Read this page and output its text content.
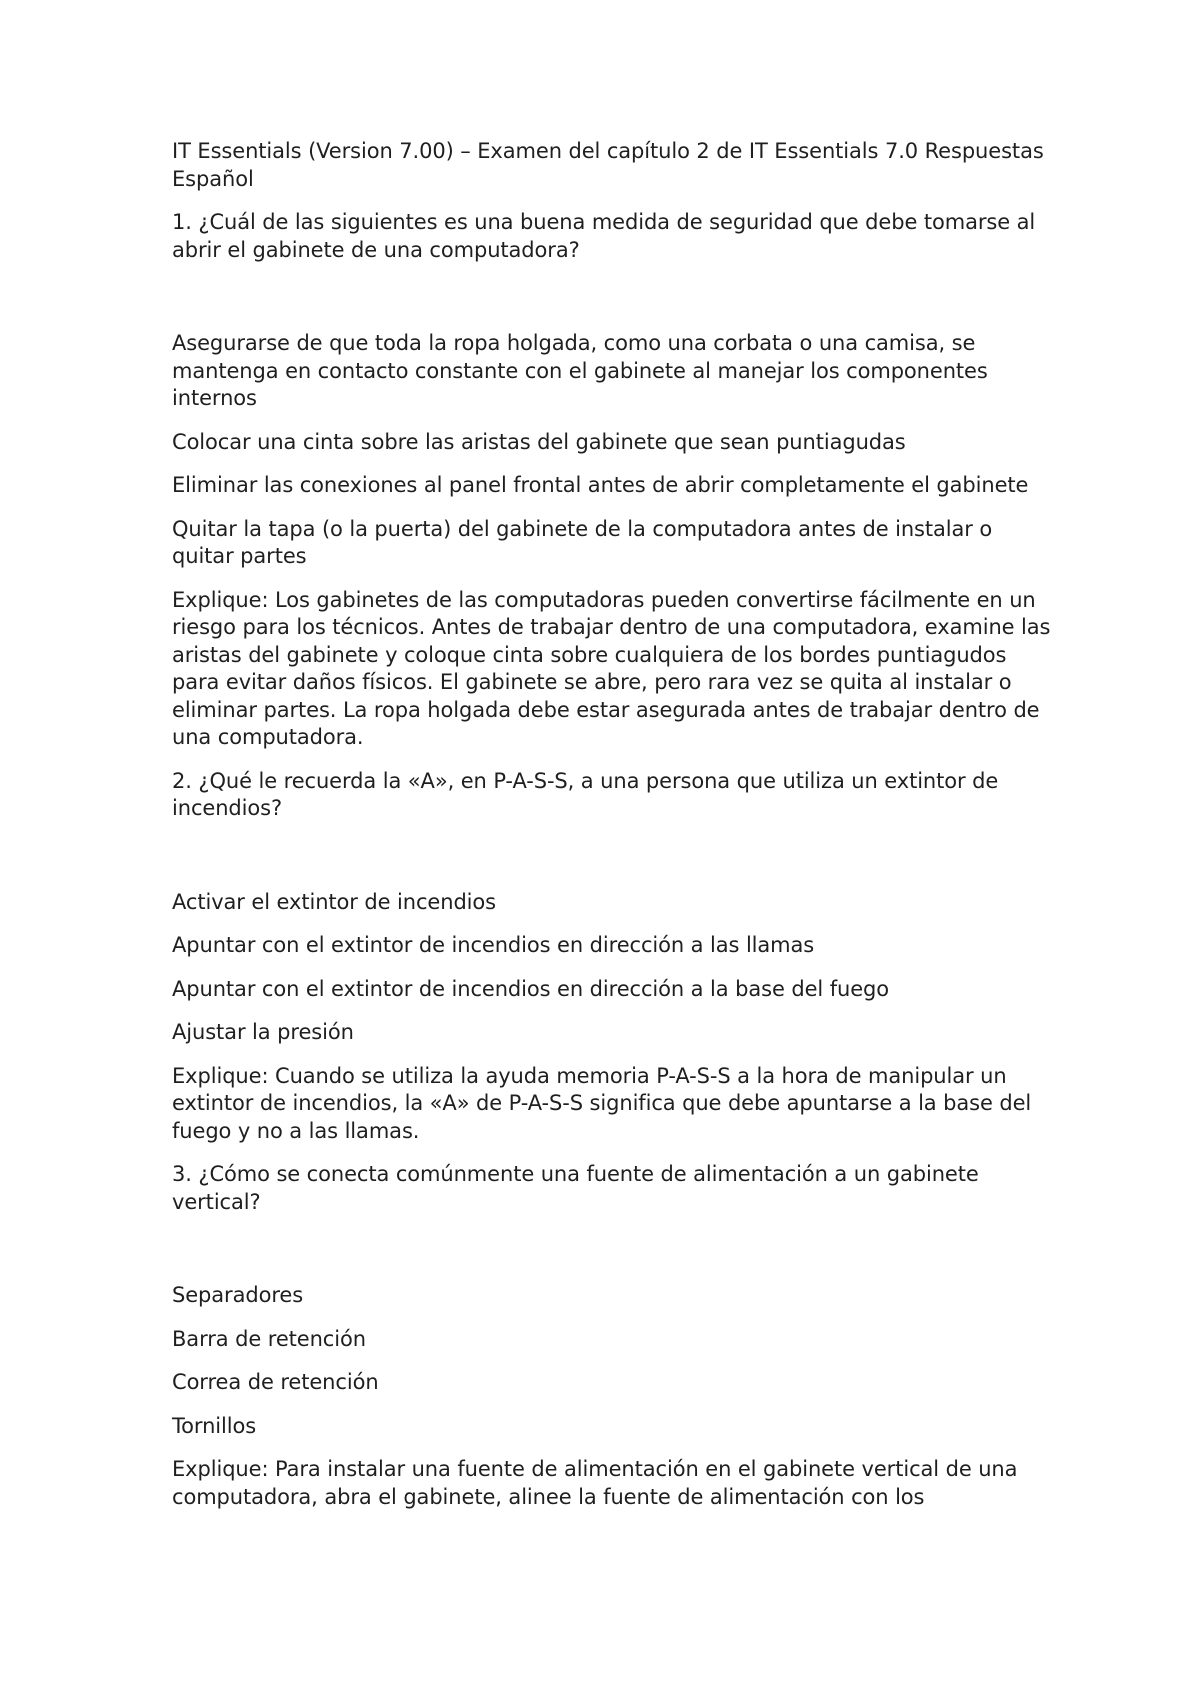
IT Essentials (Version 7.00) – Examen del capítulo 2 de IT Essentials 7.0 Respuestas Español

1. ¿Cuál de las siguientes es una buena medida de seguridad que debe tomarse al abrir el gabinete de una computadora?

Asegurarse de que toda la ropa holgada, como una corbata o una camisa, se mantenga en contacto constante con el gabinete al manejar los componentes internos

Colocar una cinta sobre las aristas del gabinete que sean puntiagudas

Eliminar las conexiones al panel frontal antes de abrir completamente el gabinete

Quitar la tapa (o la puerta) del gabinete de la computadora antes de instalar o quitar partes

Explique: Los gabinetes de las computadoras pueden convertirse fácilmente en un riesgo para los técnicos. Antes de trabajar dentro de una computadora, examine las aristas del gabinete y coloque cinta sobre cualquiera de los bordes puntiagudos para evitar daños físicos. El gabinete se abre, pero rara vez se quita al instalar o eliminar partes. La ropa holgada debe estar asegurada antes de trabajar dentro de una computadora.

2. ¿Qué le recuerda la «A», en P-A-S-S, a una persona que utiliza un extintor de incendios?

Activar el extintor de incendios

Apuntar con el extintor de incendios en dirección a las llamas

Apuntar con el extintor de incendios en dirección a la base del fuego

Ajustar la presión

Explique: Cuando se utiliza la ayuda memoria P-A-S-S a la hora de manipular un extintor de incendios, la «A» de P-A-S-S significa que debe apuntarse a la base del fuego y no a las llamas.

3. ¿Cómo se conecta comúnmente una fuente de alimentación a un gabinete vertical?

Separadores

Barra de retención

Correa de retención

Tornillos

Explique: Para instalar una fuente de alimentación en el gabinete vertical de una computadora, abra el gabinete, alinee la fuente de alimentación con los
